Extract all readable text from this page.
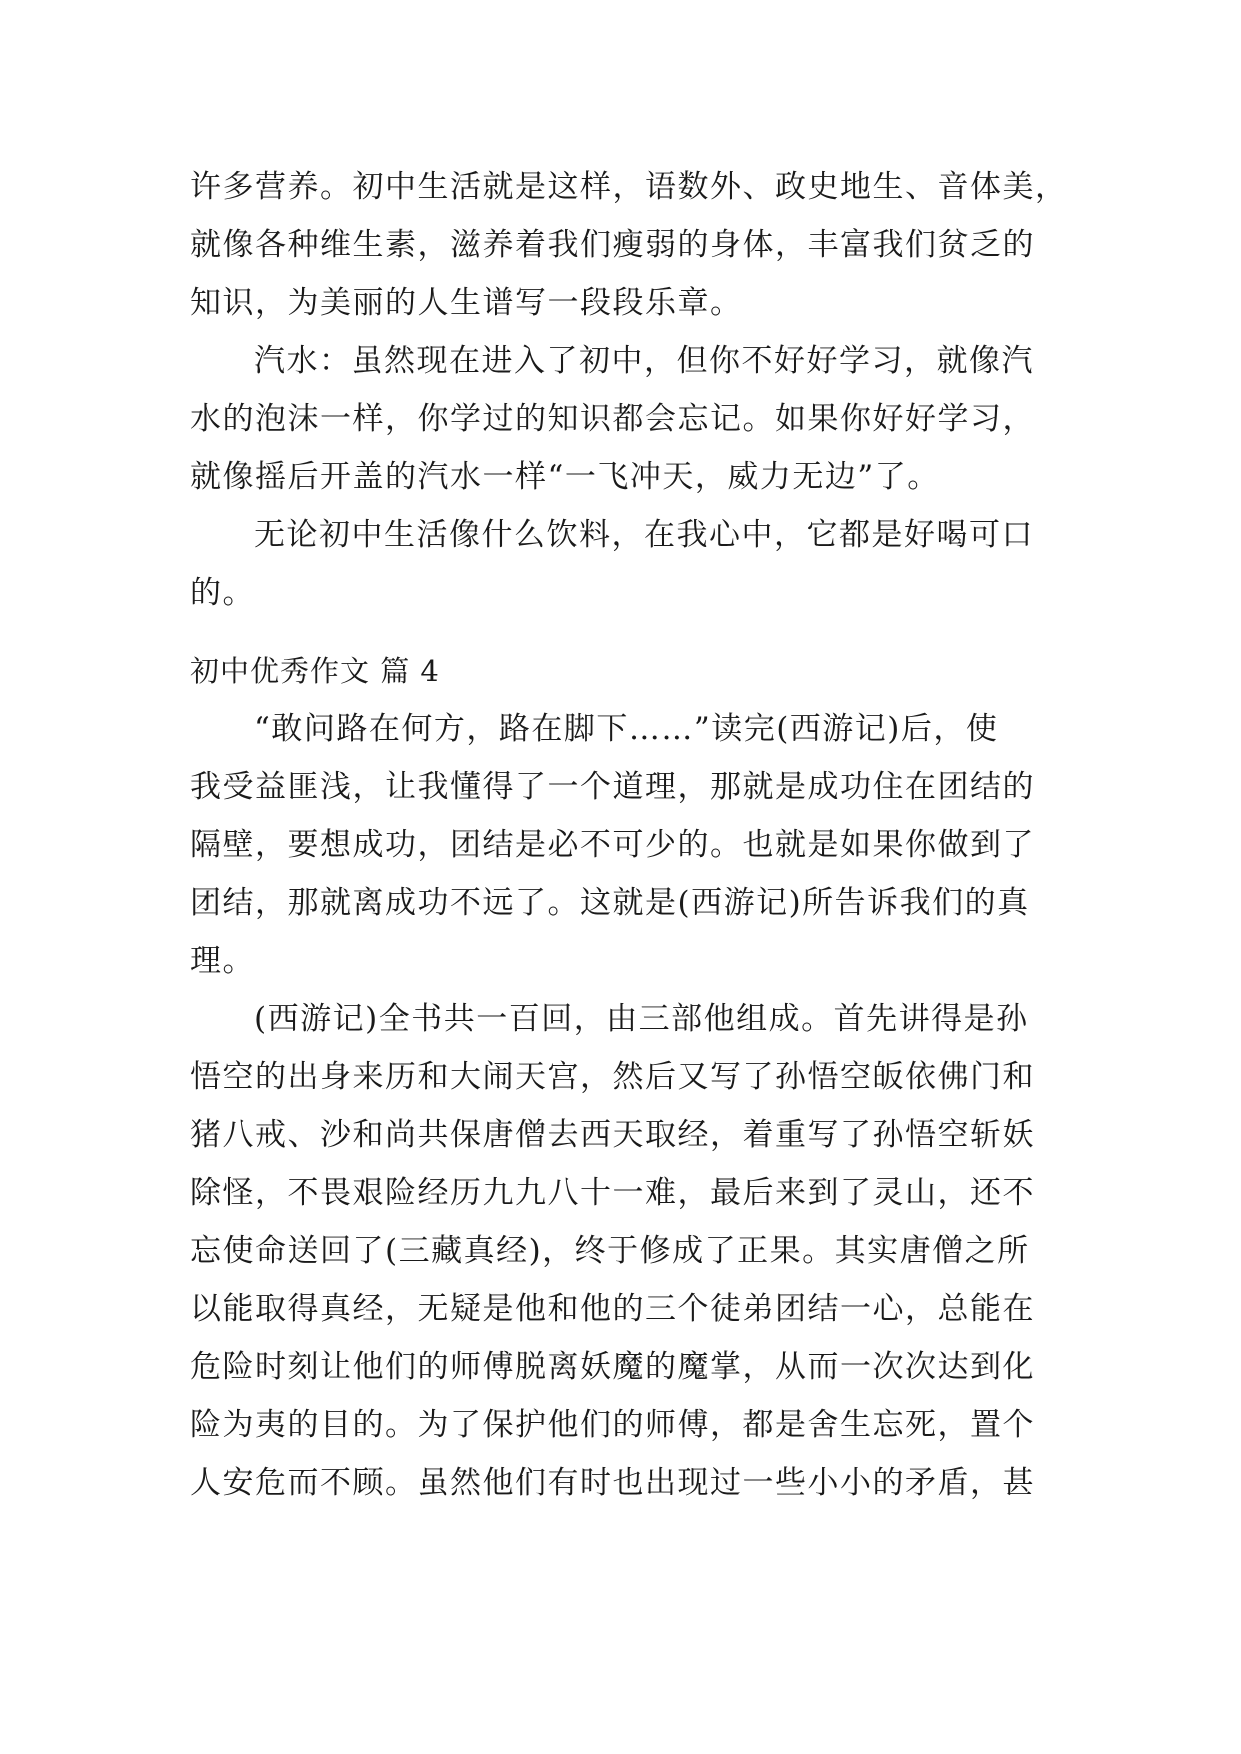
许多营养。初中生活就是这样，语数外、政史地生、音体美，
就像各种维生素，滋养着我们瘦弱的身体，丰富我们贫乏的
知识，为美丽的人生谱写一段段乐章。
汽水：虽然现在进入了初中，但你不好好学习，就像汽
水的泡沫一样，你学过的知识都会忘记。如果你好好学习，
就像摇后开盖的汽水一样“一飞冲天，威力无边”了。
无论初中生活像什么饮料，在我心中，它都是好喝可口
的。
初中优秀作文 篇 4
“敢问路在何方，路在脚下……”读完(西游记)后，使
我受益匪浅，让我懂得了一个道理，那就是成功住在团结的
隔壁，要想成功，团结是必不可少的。也就是如果你做到了
团结，那就离成功不远了。这就是(西游记)所告诉我们的真
理。
(西游记)全书共一百回，由三部他组成。首先讲得是孙
悟空的出身来历和大闹天宫，然后又写了孙悟空皈依佛门和
猪八戒、沙和尚共保唐僧去西天取经，着重写了孙悟空斩妖
除怪，不畏艰险经历九九八十一难，最后来到了灵山，还不
忘使命送回了(三藏真经)，终于修成了正果。其实唐僧之所
以能取得真经，无疑是他和他的三个徒弟团结一心，总能在
危险时刻让他们的师傅脱离妖魔的魔掌，从而一次次达到化
险为夷的目的。为了保护他们的师傅，都是舍生忘死，置个
人安危而不顾。虽然他们有时也出现过一些小小的矛盾，甚
